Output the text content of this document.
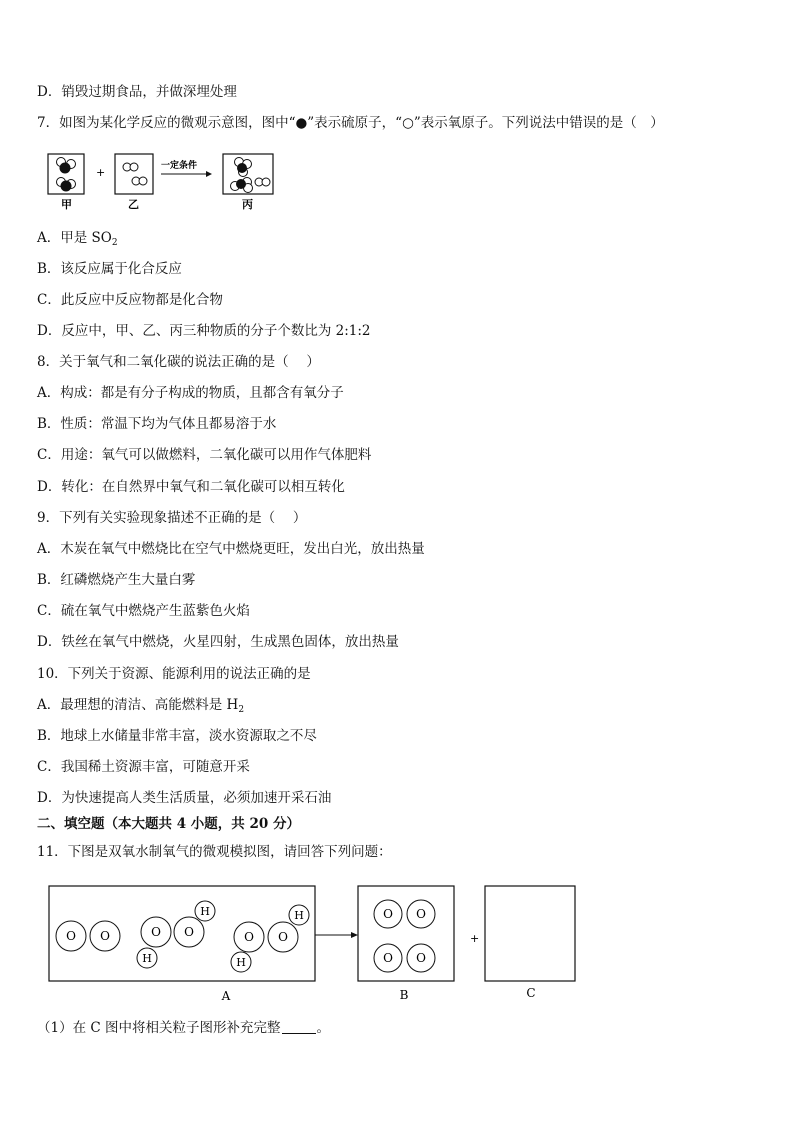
D．销毁过期食品，并做深埋处理
7．如图为某化学反应的微观示意图，图中“●”表示硫原子，“○”表示氧原子。下列说法中错误的是（　）
+	一定条件
甲	乙	丙
A．甲是 $SO_2$
B．该反应属于化合反应
C．此反应中反应物都是化合物
D．反应中，甲、乙、丙三种物质的分子个数比为 2:1:2
8．关于氧气和二氧化碳的说法正确的是（　 ）
A．构成：都是有分子构成的物质，且都含有氧分子
B．性质：常温下均为气体且都易溶于水
C．用途：氧气可以做燃料，二氧化碳可以用作气体肥料
D．转化：在自然界中氧气和二氧化碳可以相互转化
9．下列有关实验现象描述不正确的是（　 ）
A．木炭在氧气中燃烧比在空气中燃烧更旺，发出白光，放出热量
B．红磷燃烧产生大量白雾
C．硫在氧气中燃烧产生蓝紫色火焰
D．铁丝在氧气中燃烧，火星四射，生成黑色固体，放出热量
10．下列关于资源、能源利用的说法正确的是
A．最理想的清洁、高能燃料是 $H_2$
B．地球上水储量非常丰富，淡水资源取之不尽
C．我国稀土资源丰富，可随意开采
D．为快速提高人类生活质量，必须加速开采石油
二、填空题（本大题共 4 小题，共 20 分）
11．下图是双氧水制氧气的微观模拟图，请回答下列问题：
O O	O O
H
H
O O
H
H
O O
O O
+
A	B	C
（1）在 C 图中将相关粒子图形补充完整	。
